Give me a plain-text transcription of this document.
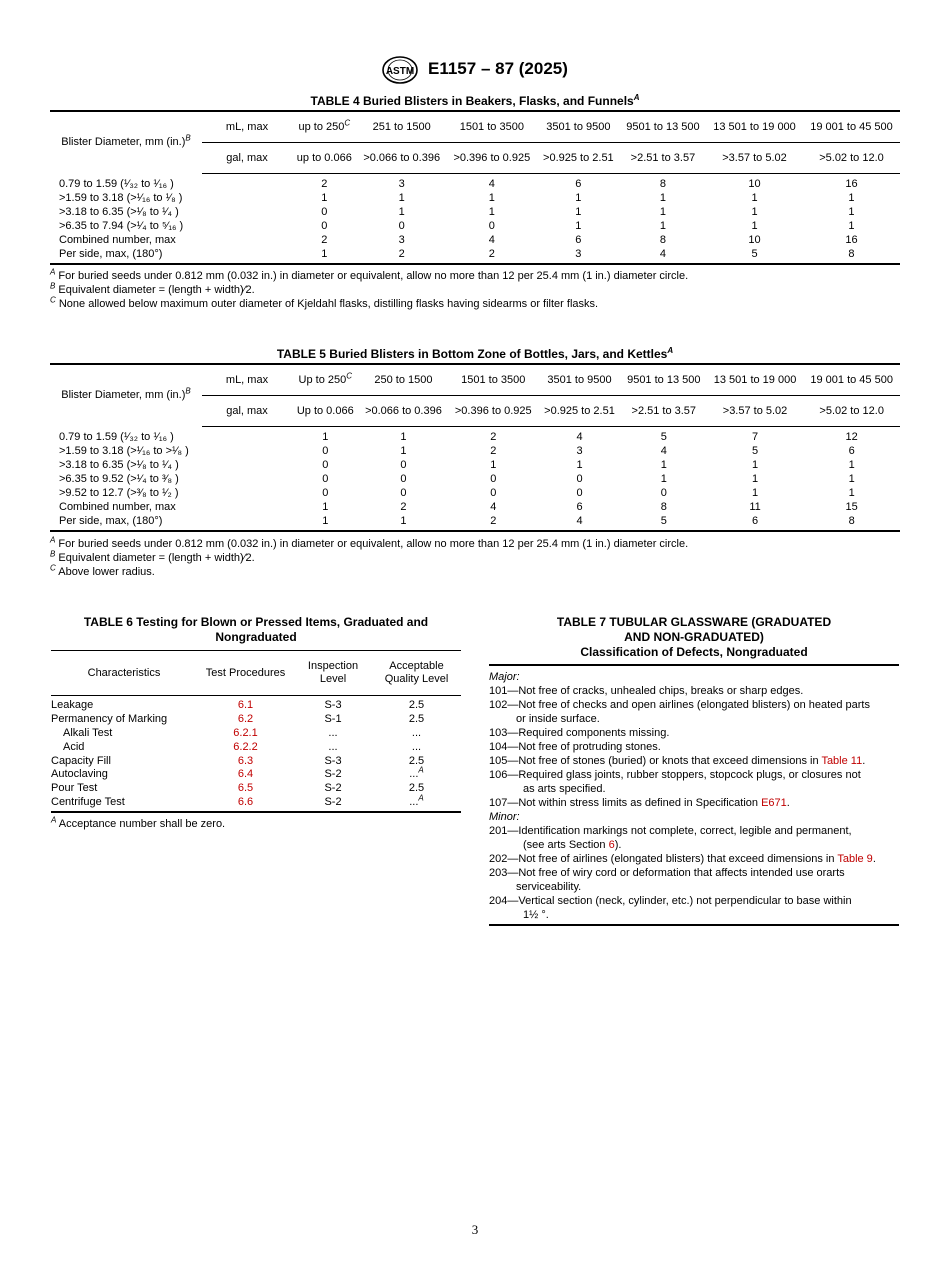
ASTM E1157 – 87 (2025)
TABLE 4 Buried Blisters in Beakers, Flasks, and Funnels$^A$
Blister Diameter, mm $(in.)^B$	mL, max	up to $250^C$	251 to 1500	1501 to 3500	3501 to 9500	9501 to 13 500	13 501 to 19 000	19 001 to 45 500
	gal, max	up to 0.066	>0.066 to 0.396	>0.396 to 0.925	>0.925 to 2.51	>2.51 to 3.57	>3.57 to 5.02	>5.02 to 12.0
0.79 to 1.59 (¹⁄₃₂ to ¹⁄₁₆ )		2	3	4	6	8	10	16
>1.59 to 3.18 (>¹⁄₁₆ to ¹⁄₈ )		1	1	1	1	1	1	1
>3.18 to 6.35 (>¹⁄₈ to ¹⁄₄ )		0	1	1	1	1	1	1
>6.35 to 7.94 (>¹⁄₄ to ⁵⁄₁₆ )		0	0	0	1	1	1	1
Combined number, max		2	3	4	6	8	10	16
Per side, max, (180°)		1	2	2	3	4	5	8
$^A$ For buried seeds under 0.812 mm (0.032 in.) in diameter or equivalent, allow no more than 12 per 25.4 mm (1 in.) diameter circle.
$^B$ Equivalent diameter = (length + width)⁄2.
$^C$ None allowed below maximum outer diameter of Kjeldahl flasks, distilling flasks having sidearms or filter flasks.
TABLE 5 Buried Blisters in Bottom Zone of Bottles, Jars, and Kettles$^A$
Blister Diameter, mm $(in.)^B$	mL, max	Up to $250^C$	250 to 1500	1501 to 3500	3501 to 9500	9501 to 13 500	13 501 to 19 000	19 001 to 45 500
	gal, max	Up to 0.066	>0.066 to 0.396	>0.396 to 0.925	>0.925 to 2.51	>2.51 to 3.57	>3.57 to 5.02	>5.02 to 12.0
0.79 to 1.59 (¹⁄₃₂ to ¹⁄₁₆ )		1	1	2	4	5	7	12
>1.59 to 3.18 (>¹⁄₁₆ to >¹⁄₈ )		0	1	2	3	4	5	6
>3.18 to 6.35 (>¹⁄₈ to ¹⁄₄ )		0	0	1	1	1	1	1
>6.35 to 9.52 (>¹⁄₄ to ³⁄₈ )		0	0	0	0	1	1	1
>9.52 to 12.7 (>³⁄₈ to ¹⁄₂ )		0	0	0	0	0	1	1
Combined number, max		1	2	4	6	8	11	15
Per side, max, (180°)		1	1	2	4	5	6	8
$^A$ For buried seeds under 0.812 mm (0.032 in.) in diameter or equivalent, allow no more than 12 per 25.4 mm (1 in.) diameter circle.
$^B$ Equivalent diameter = (length + width)⁄2.
$^C$ Above lower radius.
TABLE 6 Testing for Blown or Pressed Items, Graduated and Nongraduated
Characteristics	Test Procedures	Inspection Level	Acceptable Quality Level
Leakage	6.1	S-3	2.5
Permanency of Marking	6.2	S-1	2.5
Alkali Test	6.2.1	...	...
Acid	6.2.2	...	...
Capacity Fill	6.3	S-3	2.5
Autoclaving	6.4	S-2	...$^A$
Pour Test	6.5	S-2	2.5
Centrifuge Test	6.6	S-2	...$^A$
$^A$ Acceptance number shall be zero.
TABLE 7 TUBULAR GLASSWARE (GRADUATED
AND NON-GRADUATED)
Classification of Defects, Nongraduated
Major:
101—Not free of cracks, unhealed chips, breaks or sharp edges.
102—Not free of checks and open airlines (elongated blisters) on heated parts
or inside surface.
103—Required components missing.
104—Not free of protruding stones.
105—Not free of stones (buried) or knots that exceed dimensions in Table 11.
106—Required glass joints, rubber stoppers, stopcock plugs, or closures not
as arts specified.
107—Not within stress limits as defined in Specification E671.
Minor:
201—Identification markings not complete, correct, legible and permanent,
(see arts Section 6).
202—Not free of airlines (elongated blisters) that exceed dimensions in Table 9.
203—Not free of wiry cord or deformation that affects intended use orarts
serviceability.
204—Vertical section (neck, cylinder, etc.) not perpendicular to base within
1½ °.
3
